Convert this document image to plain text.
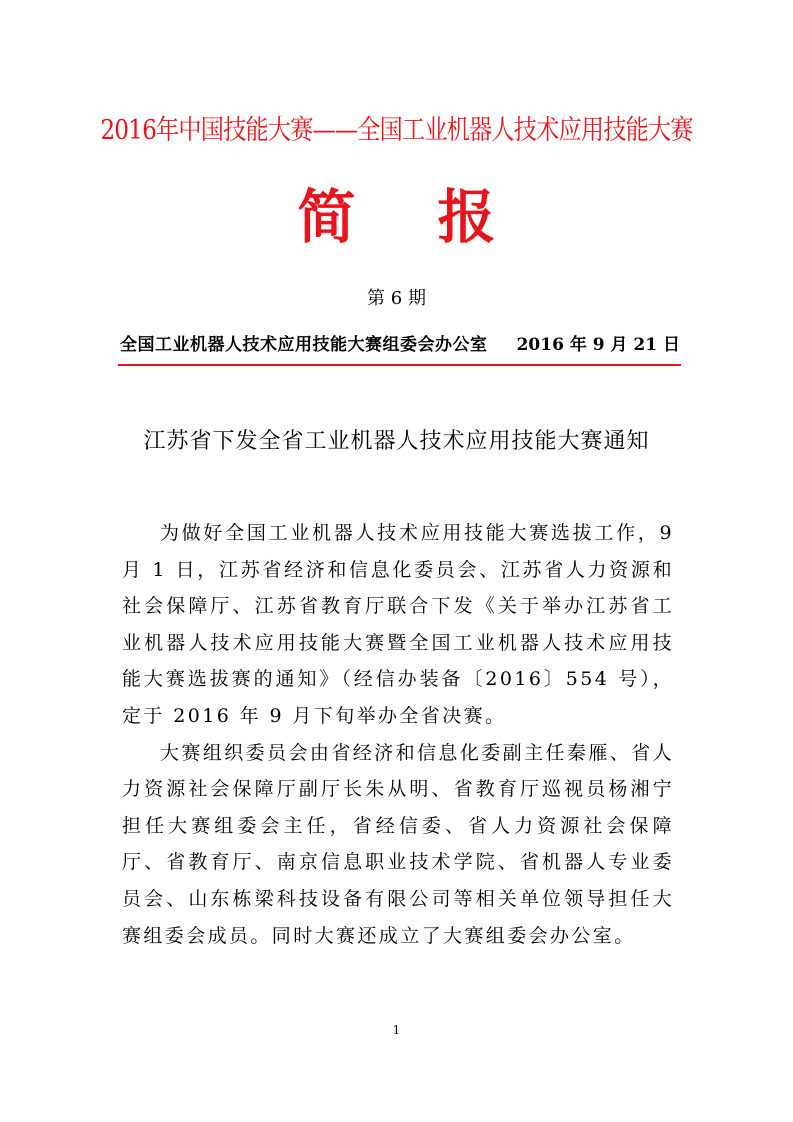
2016年中国技能大赛——全国工业机器人技术应用技能大赛
简 报
第 6 期
全国工业机器人技术应用技能大赛组委会办公室 2016 年 9 月 21 日
江苏省下发全省工业机器人技术应用技能大赛通知

为做好全国工业机器人技术应用技能大赛选拔工作，9 月 1 日，江苏省经济和信息化委员会、江苏省人力资源和社会保障厅、江苏省教育厅联合下发《关于举办江苏省工业机器人技术应用技能大赛暨全国工业机器人技术应用技能大赛选拔赛的通知》（经信办装备〔2016〕554 号），定于 2016 年 9 月下旬举办全省决赛。

大赛组织委员会由省经济和信息化委副主任秦雁、省人力资源社会保障厅副厅长朱从明、省教育厅巡视员杨湘宁担任大赛组委会主任，省经信委、省人力资源社会保障厅、省教育厅、南京信息职业技术学院、省机器人专业委员会、山东栋梁科技设备有限公司等相关单位领导担任大赛组委会成员。同时大赛还成立了大赛组委会办公室。

1
